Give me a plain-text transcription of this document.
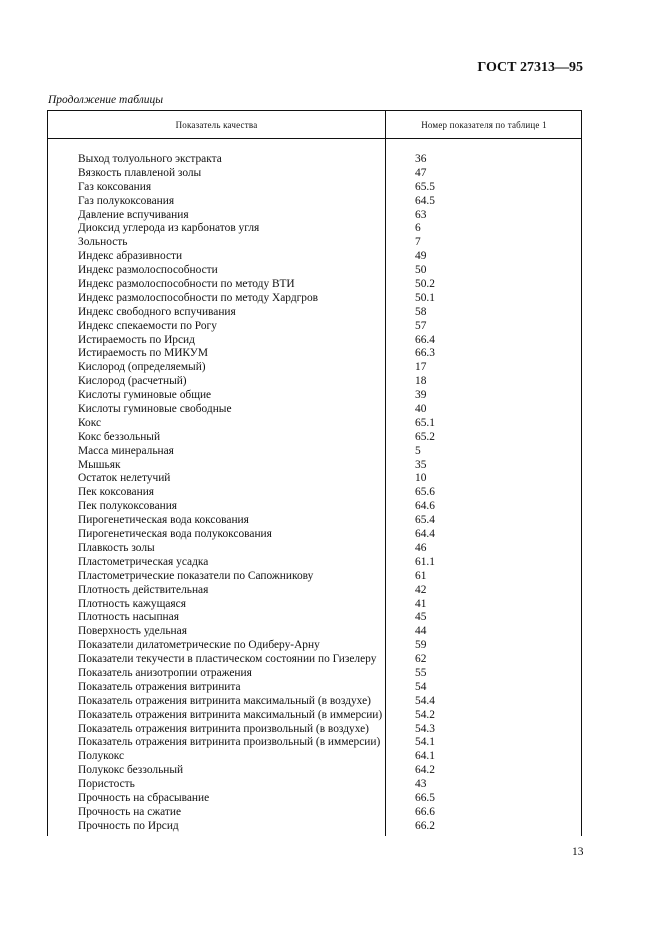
ГОСТ 27313—95
Продолжение таблицы
Показатель качества	Номер показателя по таблице 1
Выход толуольного экстракта	36
Вязкость плавленой золы	47
Газ коксования	65.5
Газ полукоксования	64.5
Давление вспучивания	63
Диоксид углерода из карбонатов угля	6
Зольность	7
Индекс абразивности	49
Индекс размолоспособности	50
Индекс размолоспособности по методу ВТИ	50.2
Индекс размолоспособности по методу Хардгров	50.1
Индекс свободного вспучивания	58
Индекс спекаемости по Рогу	57
Истираемость по Ирсид	66.4
Истираемость по МИКУМ	66.3
Кислород (определяемый)	17
Кислород (расчетный)	18
Кислоты гуминовые общие	39
Кислоты гуминовые свободные	40
Кокс	65.1
Кокс беззольный	65.2
Масса минеральная	5
Мышьяк	35
Остаток нелетучий	10
Пек коксования	65.6
Пек полукоксования	64.6
Пирогенетическая вода коксования	65.4
Пирогенетическая вода полукоксования	64.4
Плавкость золы	46
Пластометрическая усадка	61.1
Пластометрические показатели по Сапожникову	61
Плотность действительная	42
Плотность кажущаяся	41
Плотность насыпная	45
Поверхность удельная	44
Показатели дилатометрические по Одиберу-Арну	59
Показатели текучести в пластическом состоянии по Гизелеру	62
Показатель анизотропии отражения	55
Показатель отражения витринита	54
Показатель отражения витринита максимальный (в воздухе)	54.4
Показатель отражения витринита максимальный (в иммерсии)	54.2
Показатель отражения витринита произвольный (в воздухе)	54.3
Показатель отражения витринита произвольный (в иммерсии)	54.1
Полукокс	64.1
Полукокс беззольный	64.2
Пористость	43
Прочность на сбрасывание	66.5
Прочность на сжатие	66.6
Прочность по Ирсид	66.2
13
